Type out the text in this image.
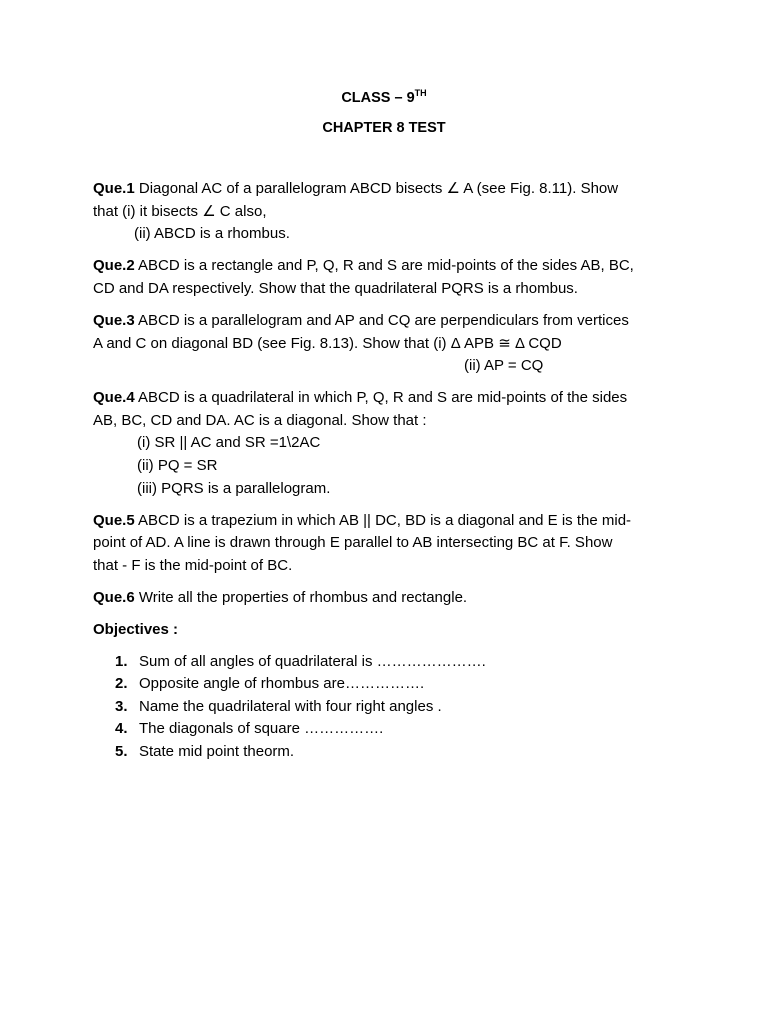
CLASS – 9TH
CHAPTER 8 TEST
Que.1 Diagonal AC of a parallelogram ABCD bisects ∠ A (see Fig. 8.11). Show
that (i) it bisects ∠ C also,
(ii) ABCD is a rhombus.
Que.2 ABCD is a rectangle and P, Q, R and S are mid-points of the sides AB, BC,
CD and DA respectively. Show that the quadrilateral PQRS is a rhombus.
Que.3 ABCD is a parallelogram and AP and CQ are perpendiculars from vertices
A and C on diagonal BD (see Fig. 8.13). Show that (i) Δ APB ≅ Δ CQD
(ii) AP = CQ
Que.4 ABCD is a quadrilateral in which P, Q, R and S are mid-points of the sides
AB, BC, CD and DA. AC is a diagonal. Show that :
(i) SR || AC and SR =1\2AC
(ii) PQ = SR
(iii) PQRS is a parallelogram.
Que.5 ABCD is a trapezium in which AB || DC, BD is a diagonal and E is the mid-
point of AD. A line is drawn through E parallel to AB intersecting BC at F. Show
that - F is the mid-point of BC.
Que.6 Write all the properties of rhombus and rectangle.
Objectives :
1. Sum of all angles of quadrilateral is ………………….
2. Opposite angle of rhombus are…………….
3. Name the quadrilateral with four right angles .
4. The diagonals of square …………….
5. State mid point theorm.
